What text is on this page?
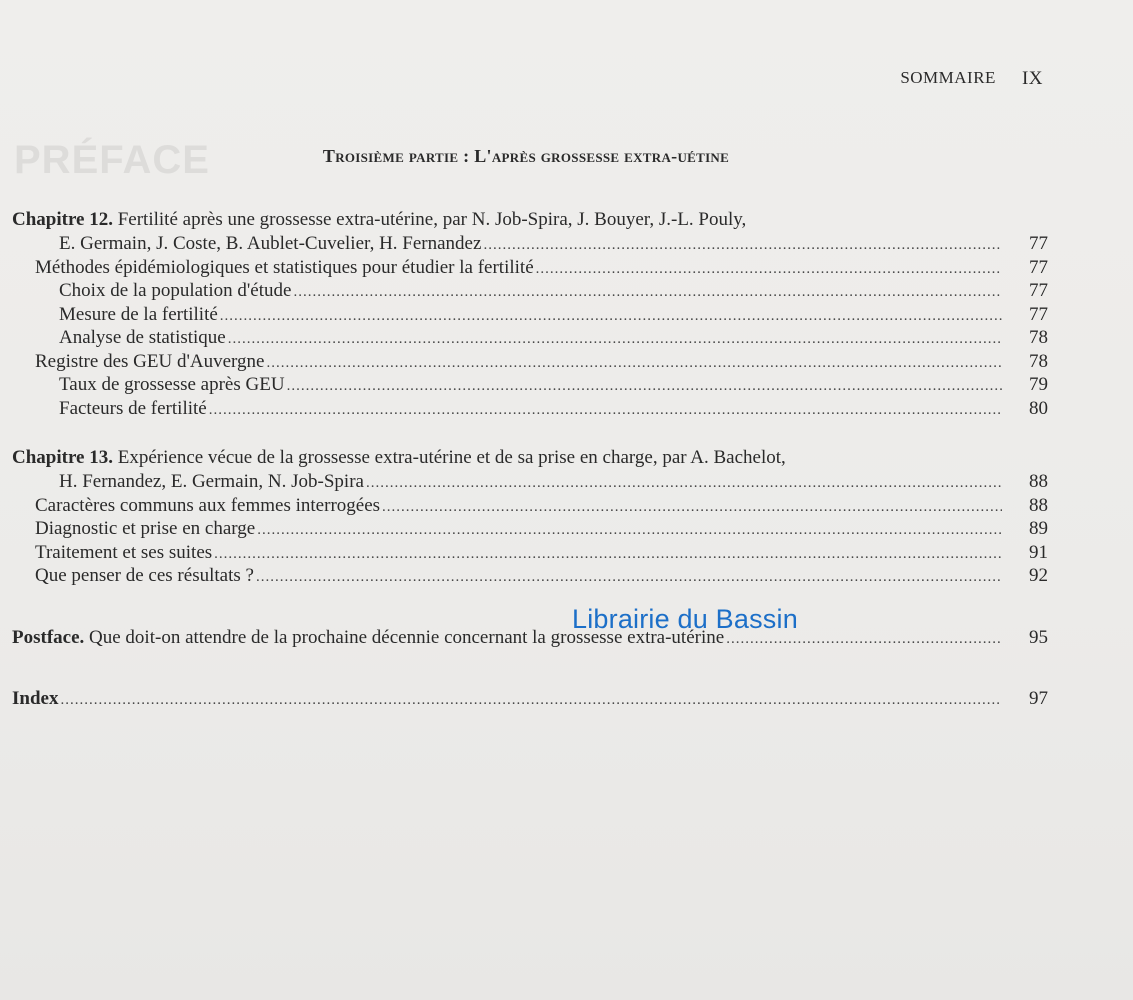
PRÉFACE

SOMMAIRE IX
Troisième partie : L'après grossesse extra-uétine
Chapitre 12. Fertilité après une grossesse extra-utérine, par N. Job-Spira, J. Bouyer, J.-L. Pouly,
E. Germain, J. Coste, B. Aublet-Cuvelier, H. Fernandez .....	77
Méthodes épidémiologiques et statistiques pour étudier la fertilité .....	77
Choix de la population d'étude .....	77
Mesure de la fertilité .....	77
Analyse de statistique .....	78
Registre des GEU d'Auvergne .....	78
Taux de grossesse après GEU .....	79
Facteurs de fertilité .....	80
Chapitre 13. Expérience vécue de la grossesse extra-utérine et de sa prise en charge, par A. Bachelot,
H. Fernandez, E. Germain, N. Job-Spira .....	88
Caractères communs aux femmes interrogées .....	88
Diagnostic et prise en charge .....	89
Traitement et ses suites .....	91
Que penser de ces résultats ? .....	92
Postface. Que doit-on attendre de la prochaine décennie concernant la grossesse extra-utérine .....	95
Index .....	97
Librairie du Bassin
